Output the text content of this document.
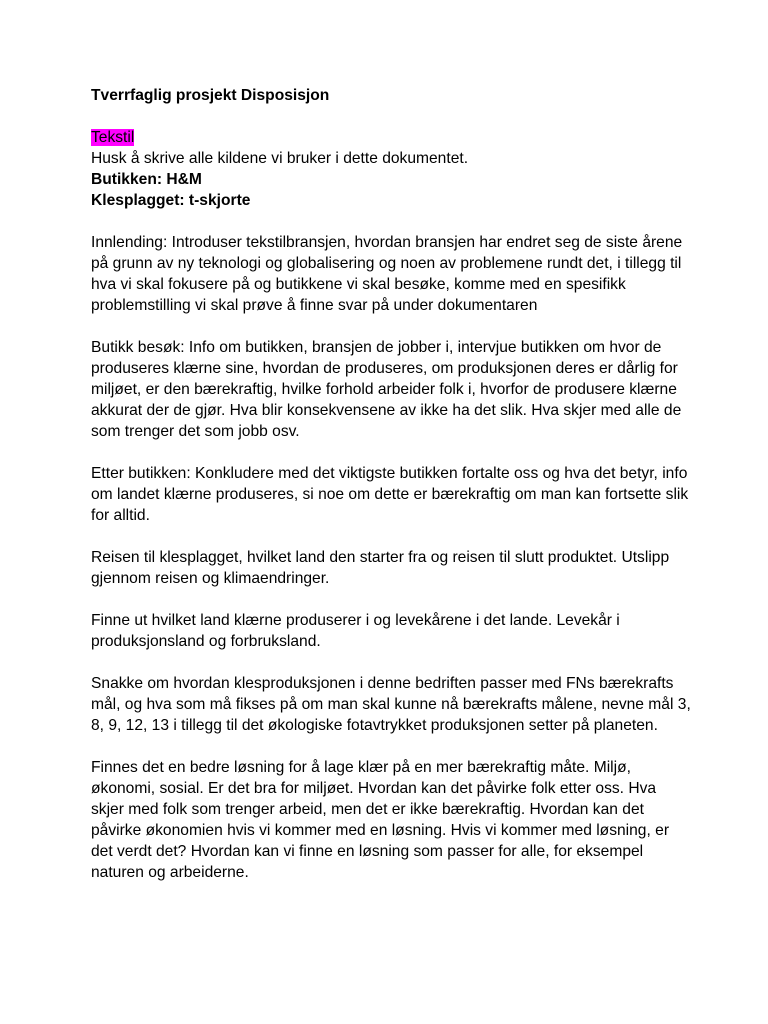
Tverrfaglig prosjekt Disposisjon

Tekstil

Husk å skrive alle kildene vi bruker i dette dokumentet.

Butikken: H&M

Klesplagget: t-skjorte

Innlending: Introduser tekstilbransjen, hvordan bransjen har endret seg de siste årene på grunn av ny teknologi og globalisering og noen av problemene rundt det, i tillegg til hva vi skal fokusere på og butikkene vi skal besøke, komme med en spesifikk problemstilling vi skal prøve å finne svar på under dokumentaren

Butikk besøk: Info om butikken, bransjen de jobber i, intervjue butikken om hvor de produseres klærne sine, hvordan de produseres, om produksjonen deres er dårlig for miljøet, er den bærekraftig, hvilke forhold arbeider folk i, hvorfor de produsere klærne akkurat der de gjør. Hva blir konsekvensene av ikke ha det slik. Hva skjer med alle de som trenger det som jobb osv.

Etter butikken: Konkludere med det viktigste butikken fortalte oss og hva det betyr, info om landet klærne produseres, si noe om dette er bærekraftig om man kan fortsette slik for alltid.

Reisen til klesplagget, hvilket land den starter fra og reisen til slutt produktet. Utslipp gjennom reisen og klimaendringer.

Finne ut hvilket land klærne produserer i og levekårene i det lande. Levekår i produksjonsland og forbruksland.

Snakke om hvordan klesproduksjonen i denne bedriften passer med FNs bærekrafts mål, og hva som må fikses på om man skal kunne nå bærekrafts målene, nevne mål 3, 8, 9, 12, 13 i tillegg til det økologiske fotavtrykket produksjonen setter på planeten.

Finnes det en bedre løsning for å lage klær på en mer bærekraftig måte. Miljø, økonomi, sosial. Er det bra for miljøet. Hvordan kan det påvirke folk etter oss. Hva skjer med folk som trenger arbeid, men det er ikke bærekraftig. Hvordan kan det påvirke økonomien hvis vi kommer med en løsning. Hvis vi kommer med løsning, er det verdt det? Hvordan kan vi finne en løsning som passer for alle, for eksempel naturen og arbeiderne.
